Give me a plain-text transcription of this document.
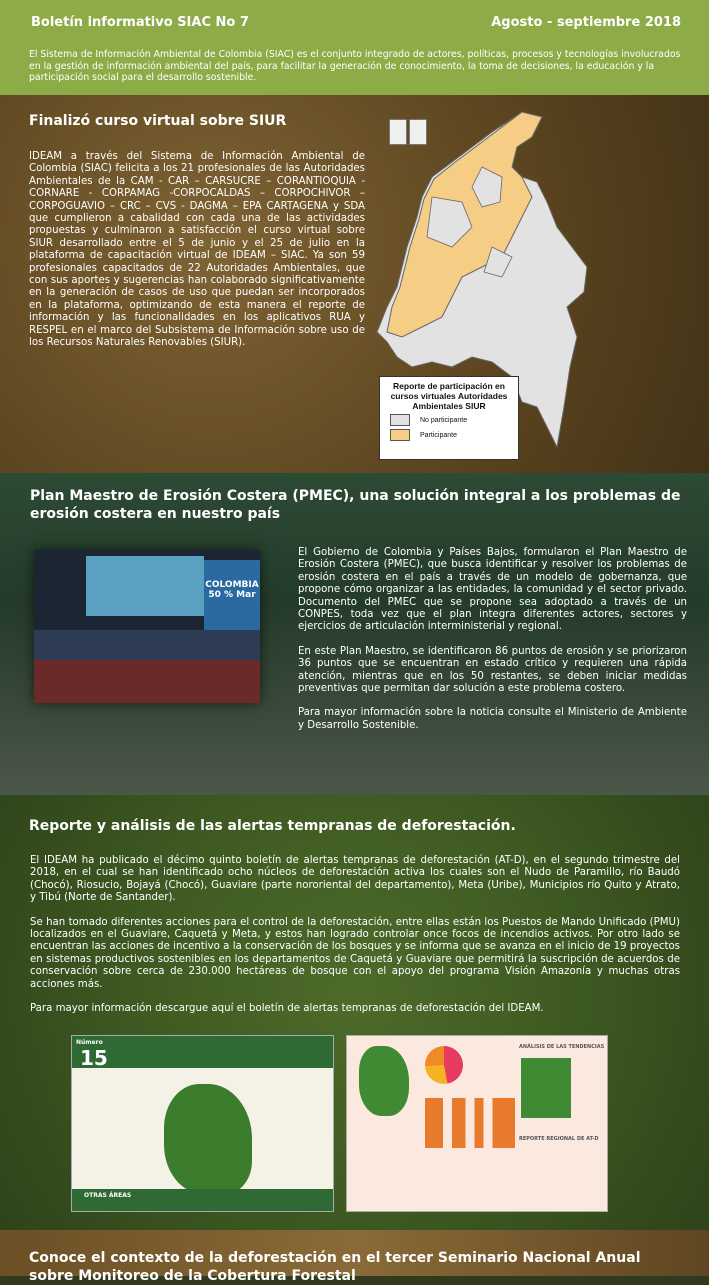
Boletín informativo SIAC No 7	Agosto - septiembre 2018
El Sistema de Información Ambiental de Colombia (SIAC) es el conjunto integrado de actores, políticas, procesos y tecnologías involucrados en la gestión de información ambiental del país, para facilitar la generación de conocimiento, la toma de decisiones, la educación y la participación social para el desarrollo sostenible.
Finalizó curso virtual sobre SIUR
IDEAM a través del Sistema de Información Ambiental de Colombia (SIAC) felicita a los 21 profesionales de las Autoridades Ambientales de la CAM - CAR – CARSUCRE – CORANTIOQUIA - CORNARE - CORPAMAG -CORPOCALDAS – CORPOCHIVOR – CORPOGUAVIO – CRC – CVS - DAGMA – EPA CARTAGENA y SDA que cumplieron a cabalidad con cada una de las actividades propuestas y culminaron a satisfacción el curso virtual sobre SIUR desarrollado entre el 5 de junio y el 25 de julio en la plataforma de capacitación virtual de IDEAM – SIAC. Ya son 59 profesionales capacitados de 22 Autoridades Ambientales, que con sus aportes y sugerencias han colaborado significativamente en la generación de casos de uso que puedan ser incorporados en la plataforma, optimizando de esta manera el reporte de información y las funcionalidades en los aplicativos RUA y RESPEL en el marco del Subsistema de Información sobre uso de los Recursos Naturales Renovables (SIUR).
Reporte de participación en cursos virtuales Autoridades Ambientales SIUR
No participante
Participante
Plan Maestro de Erosión Costera (PMEC), una solución integral a los problemas de erosión costera en nuestro país
COLOMBIA 50 % Mar

El Gobierno de Colombia y Países Bajos, formularon el Plan Maestro de Erosión Costera (PMEC), que busca identificar y resolver los problemas de erosión costera en el país a través de un modelo de gobernanza, que propone cómo organizar a las entidades, la comunidad y el sector privado. Documento del PMEC que se propone sea adoptado a través de un CONPES, toda vez que el plan integra diferentes actores, sectores y ejercicios de articulación interministerial y regional.

En este Plan Maestro, se identificaron 86 puntos de erosión y se priorizaron 36 puntos que se encuentran en estado crítico y requieren una rápida atención, mientras que en los 50 restantes, se deben iniciar medidas preventivas que permitan dar solución a este problema costero.

Para mayor información sobre la noticia consulte el Ministerio de Ambiente y Desarrollo Sostenible.

Reporte y análisis de las alertas tempranas de deforestación.

El IDEAM ha publicado el décimo quinto boletín de alertas tempranas de deforestación (AT-D), en el segundo trimestre del 2018, en el cual se han identificado ocho núcleos de deforestación activa los cuales son el Nudo de Paramillo, río Baudó (Chocó), Riosucio, Bojayá (Chocó), Guaviare (parte nororiental del departamento), Meta (Uribe), Municipios río Quito y Atrato, y Tibú (Norte de Santander).

Se han tomado diferentes acciones para el control de la deforestación, entre ellas están los Puestos de Mando Unificado (PMU) localizados en el Guaviare, Caquetá y Meta, y estos han logrado controlar once focos de incendios activos. Por otro lado se encuentran las acciones de incentivo a la conservación de los bosques y se informa que se avanza en el inicio de 19 proyectos en sistemas productivos sostenibles en los departamentos de Caquetá y Guaviare que permitirá la suscripción de acuerdos de conservación sobre cerca de 230.000 hectáreas de bosque con el apoyo del programa Visión Amazonía y muchas otras acciones más.

Para mayor información descargue aquí el boletín de alertas tempranas de deforestación del IDEAM.

Número
15
OTRAS ÁREAS
ANÁLISIS DE LAS TENDENCIAS
REPORTE REGIONAL DE AT-D
Conoce el contexto de la deforestación en el tercer Seminario Nacional Anual sobre Monitoreo de la Cobertura Forestal
